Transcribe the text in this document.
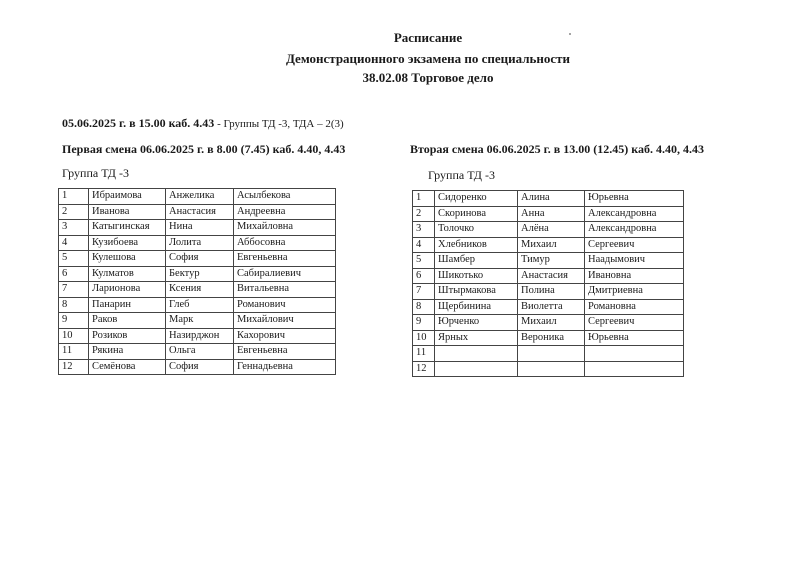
Расписание
Демонстрационного экзамена по специальности
38.02.08 Торговое дело
05.06.2025 г. в 15.00 каб. 4.43 - Группы ТД -3, ТДА – 2(3)
Первая смена 06.06.2025 г. в 8.00 (7.45) каб. 4.40, 4.43	Вторая смена 06.06.2025 г. в 13.00 (12.45) каб. 4.40, 4.43
Группа ТД -3	Группа ТД -3
1	Ибраимова	Анжелика	Асылбекова
2	Иванова	Анастасия	Андреевна
3	Катыгинская	Нина	Михайловна
4	Кузибоева	Лолита	Аббосовна
5	Кулешова	София	Евгеньевна
6	Кулматов	Бектур	Сабиралиевич
7	Ларионова	Ксения	Витальевна
8	Панарин	Глеб	Романович
9	Раков	Марк	Михайлович
10	Розиков	Назирджон	Кахорович
11	Рякина	Ольга	Евгеньевна
12	Семёнова	София	Геннадьевна
1	Сидоренко	Алина	Юрьевна
2	Скоринова	Анна	Александровна
3	Толочко	Алёна	Александровна
4	Хлебников	Михаил	Сергеевич
5	Шамбер	Тимур	Наадымович
6	Шикотько	Анастасия	Ивановна
7	Штырмакова	Полина	Дмитриевна
8	Щербинина	Виолетта	Романовна
9	Юрченко	Михаил	Сергеевич
10	Ярных	Вероника	Юрьевна
11			
12			
